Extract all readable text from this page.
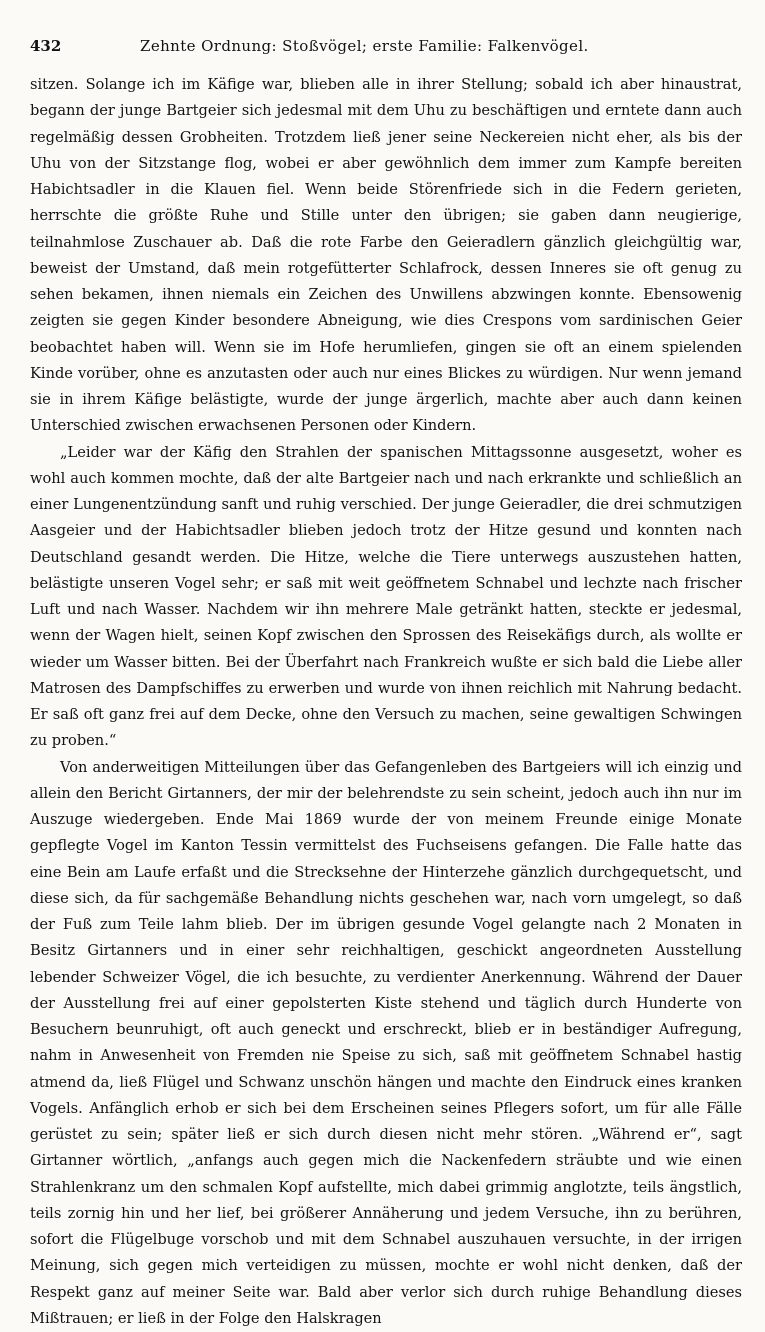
432	Zehnte Ordnung: Stoßvögel; erste Familie: Falkenvögel.

sitzen. Solange ich im Käfige war, blieben alle in ihrer Stellung; sobald ich aber hinaustrat, begann der junge Bartgeier sich jedesmal mit dem Uhu zu beschäftigen und erntete dann auch regelmäßig dessen Grobheiten. Trotzdem ließ jener seine Neckereien nicht eher, als bis der Uhu von der Sitzstange flog, wobei er aber gewöhnlich dem immer zum Kampfe bereiten Habichtsadler in die Klauen fiel. Wenn beide Störenfriede sich in die Federn gerieten, herrschte die größte Ruhe und Stille unter den übrigen; sie gaben dann neugierige, teilnahmlose Zuschauer ab. Daß die rote Farbe den Geieradlern gänzlich gleichgültig war, beweist der Umstand, daß mein rotgefütterter Schlafrock, dessen Inneres sie oft genug zu sehen bekamen, ihnen niemals ein Zeichen des Unwillens abzwingen konnte. Ebensowenig zeigten sie gegen Kinder besondere Abneigung, wie dies Crespons vom sardinischen Geier beobachtet haben will. Wenn sie im Hofe herumliefen, gingen sie oft an einem spielenden Kinde vorüber, ohne es anzutasten oder auch nur eines Blickes zu würdigen. Nur wenn jemand sie in ihrem Käfige belästigte, wurde der junge ärgerlich, machte aber auch dann keinen Unterschied zwischen erwachsenen Personen oder Kindern.

„Leider war der Käfig den Strahlen der spanischen Mittagssonne ausgesetzt, woher es wohl auch kommen mochte, daß der alte Bartgeier nach und nach erkrankte und schließlich an einer Lungenentzündung sanft und ruhig verschied. Der junge Geieradler, die drei schmutzigen Aasgeier und der Habichtsadler blieben jedoch trotz der Hitze gesund und konnten nach Deutschland gesandt werden. Die Hitze, welche die Tiere unterwegs auszustehen hatten, belästigte unseren Vogel sehr; er saß mit weit geöffnetem Schnabel und lechzte nach frischer Luft und nach Wasser. Nachdem wir ihn mehrere Male getränkt hatten, steckte er jedesmal, wenn der Wagen hielt, seinen Kopf zwischen den Sprossen des Reisekäfigs durch, als wollte er wieder um Wasser bitten. Bei der Überfahrt nach Frankreich wußte er sich bald die Liebe aller Matrosen des Dampfschiffes zu erwerben und wurde von ihnen reichlich mit Nahrung bedacht. Er saß oft ganz frei auf dem Decke, ohne den Versuch zu machen, seine gewaltigen Schwingen zu proben.“

Von anderweitigen Mitteilungen über das Gefangenleben des Bartgeiers will ich einzig und allein den Bericht Girtanners, der mir der belehrendste zu sein scheint, jedoch auch ihn nur im Auszuge wiedergeben. Ende Mai 1869 wurde der von meinem Freunde einige Monate gepflegte Vogel im Kanton Tessin vermittelst des Fuchseisens gefangen. Die Falle hatte das eine Bein am Laufe erfaßt und die Strecksehne der Hinterzehe gänzlich durchgequetscht, und diese sich, da für sachgemäße Behandlung nichts geschehen war, nach vorn umgelegt, so daß der Fuß zum Teile lahm blieb. Der im übrigen gesunde Vogel gelangte nach 2 Monaten in Besitz Girtanners und in einer sehr reichhaltigen, geschickt angeordneten Ausstellung lebender Schweizer Vögel, die ich besuchte, zu verdienter Anerkennung. Während der Dauer der Ausstellung frei auf einer gepolsterten Kiste stehend und täglich durch Hunderte von Besuchern beunruhigt, oft auch geneckt und erschreckt, blieb er in beständiger Aufregung, nahm in Anwesenheit von Fremden nie Speise zu sich, saß mit geöffnetem Schnabel hastig atmend da, ließ Flügel und Schwanz unschön hängen und machte den Eindruck eines kranken Vogels. Anfänglich erhob er sich bei dem Erscheinen seines Pflegers sofort, um für alle Fälle gerüstet zu sein; später ließ er sich durch diesen nicht mehr stören. „Während er“, sagt Girtanner wörtlich, „anfangs auch gegen mich die Nackenfedern sträubte und wie einen Strahlenkranz um den schmalen Kopf aufstellte, mich dabei grimmig anglotzte, teils ängstlich, teils zornig hin und her lief, bei größerer Annäherung und jedem Versuche, ihn zu berühren, sofort die Flügelbuge vorschob und mit dem Schnabel auszuhauen versuchte, in der irrigen Meinung, sich gegen mich verteidigen zu müssen, mochte er wohl nicht denken, daß der Respekt ganz auf meiner Seite war. Bald aber verlor sich durch ruhige Behandlung dieses Mißtrauen; er ließ in der Folge den Halskragen
